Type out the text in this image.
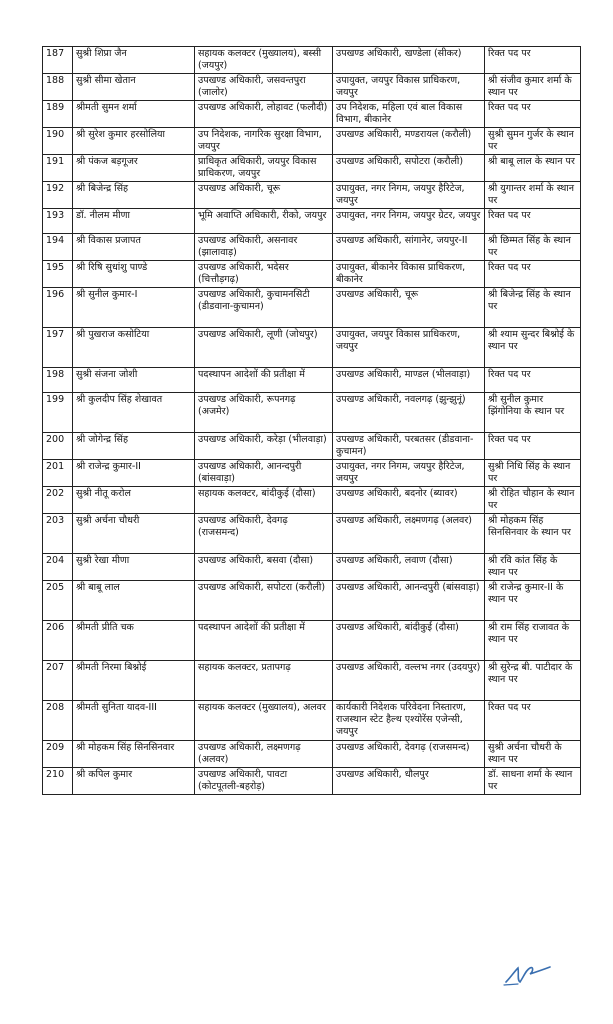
187	सुश्री शिप्रा जैन	सहायक कलक्टर (मुख्यालय), बस्सी (जयपुर)	उपखण्ड अधिकारी, खण्डेला (सीकर)	रिक्त पद पर
188	सुश्री सीमा खेतान	उपखण्ड अधिकारी, जसवन्तपुरा (जालोर)	उपायुक्त, जयपुर विकास प्राधिकरण, जयपुर	श्री संजीव कुमार शर्मा के स्थान पर
189	श्रीमती सुमन शर्मा	उपखण्ड अधिकारी, लोहावट (फलौदी)	उप निदेशक, महिला एवं बाल विकास विभाग, बीकानेर	रिक्त पद पर
190	श्री सुरेश कुमार हरसोलिया	उप निदेशक, नागरिक सुरक्षा विभाग, जयपुर	उपखण्ड अधिकारी, मण्डरायल (करौली)	सुश्री सुमन गुर्जर के स्थान पर
191	श्री पंकज बड़गूजर	प्राधिकृत अधिकारी, जयपुर विकास प्राधिकरण, जयपुर	उपखण्ड अधिकारी, सपोटरा (करौली)	श्री बाबू लाल के स्थान पर
192	श्री बिजेन्द्र सिंह	उपखण्ड अधिकारी, चूरू	उपायुक्त, नगर निगम, जयपुर हैरिटेज, जयपुर	श्री युगान्तर शर्मा के स्थान पर
193	डॉ. नीलम मीणा	भूमि अवाप्ति अधिकारी, रीको, जयपुर	उपायुक्त, नगर निगम, जयपुर ग्रेटर, जयपुर	रिक्त पद पर
194	श्री विकास प्रजापत	उपखण्ड अधिकारी, असनावर (झालावाड़)	उपखण्ड अधिकारी, सांगानेर, जयपुर-II	श्री छिम्मत सिंह के स्थान पर
195	श्री रिषि सुधांशु पाण्डे	उपखण्ड अधिकारी, भदेसर (चित्तौड़गढ़)	उपायुक्त, बीकानेर विकास प्राधिकरण, बीकानेर	रिक्त पद पर
196	श्री सुनील कुमार-I	उपखण्ड अधिकारी, कुचामनसिटी (डीडवाना-कुचामन)	उपखण्ड अधिकारी, चूरू	श्री बिजेन्द्र सिंह के स्थान पर
197	श्री पुखराज कसोटिया	उपखण्ड अधिकारी, लूणी (जोधपुर)	उपायुक्त, जयपुर विकास प्राधिकरण, जयपुर	श्री श्याम सुन्दर बिश्नोई के स्थान पर
198	सुश्री संजना जोशी	पदस्थापन आदेशों की प्रतीक्षा में	उपखण्ड अधिकारी, माण्डल (भीलवाड़ा)	रिक्त पद पर
199	श्री कुलदीप सिंह शेखावत	उपखण्ड अधिकारी, रूपनगढ़ (अजमेर)	उपखण्ड अधिकारी, नवलगढ़ (झुन्झुनूं)	श्री सुनील कुमार झिंगोनिया के स्थान पर
200	श्री जोगेन्द्र सिंह	उपखण्ड अधिकारी, करेड़ा (भीलवाड़ा)	उपखण्ड अधिकारी, परबतसर (डीडवाना-कुचामन)	रिक्त पद पर
201	श्री राजेन्द्र कुमार-II	उपखण्ड अधिकारी, आनन्दपुरी (बांसवाड़ा)	उपायुक्त, नगर निगम, जयपुर हैरिटेज, जयपुर	सुश्री निधि सिंह के स्थान पर
202	सुश्री नीतू करोल	सहायक कलक्टर, बांदीकुई (दौसा)	उपखण्ड अधिकारी, बदनोर (ब्यावर)	श्री रोहित चौहान के स्थान पर
203	सुश्री अर्चना चौधरी	उपखण्ड अधिकारी, देवगढ़ (राजसमन्द)	उपखण्ड अधिकारी, लक्ष्मणगढ़ (अलवर)	श्री मोहकम सिंह सिनसिनवार के स्थान पर
204	सुश्री रेखा मीणा	उपखण्ड अधिकारी, बसवा (दौसा)	उपखण्ड अधिकारी, लवाण (दौसा)	श्री रवि कांत सिंह के स्थान पर
205	श्री बाबू लाल	उपखण्ड अधिकारी, सपोटरा (करौली)	उपखण्ड अधिकारी, आनन्दपुरी (बांसवाड़ा)	श्री राजेन्द्र कुमार-II के स्थान पर
206	श्रीमती प्रीति चक	पदस्थापन आदेशों की प्रतीक्षा में	उपखण्ड अधिकारी, बांदीकुई (दौसा)	श्री राम सिंह राजावत के स्थान पर
207	श्रीमती निरमा बिश्नोई	सहायक कलक्टर, प्रतापगढ़	उपखण्ड अधिकारी, वल्लभ नगर (उदयपुर)	श्री सुरेन्द्र बी. पाटीदार के स्थान पर
208	श्रीमती सुनिता यादव-III	सहायक कलक्टर (मुख्यालय), अलवर	कार्यकारी निदेशक परिवेदना निस्तारण, राजस्थान स्टेट हैल्थ एश्योरेंस एजेन्सी, जयपुर	रिक्त पद पर
209	श्री मोहकम सिंह सिनसिनवार	उपखण्ड अधिकारी, लक्ष्मणगढ़ (अलवर)	उपखण्ड अधिकारी, देवगढ़ (राजसमन्द)	सुश्री अर्चना चौधरी के स्थान पर
210	श्री कपिल कुमार	उपखण्ड अधिकारी, पावटा (कोटपूतली-बहरोड़)	उपखण्ड अधिकारी, धौलपुर	डॉ. साधना शर्मा के स्थान पर
